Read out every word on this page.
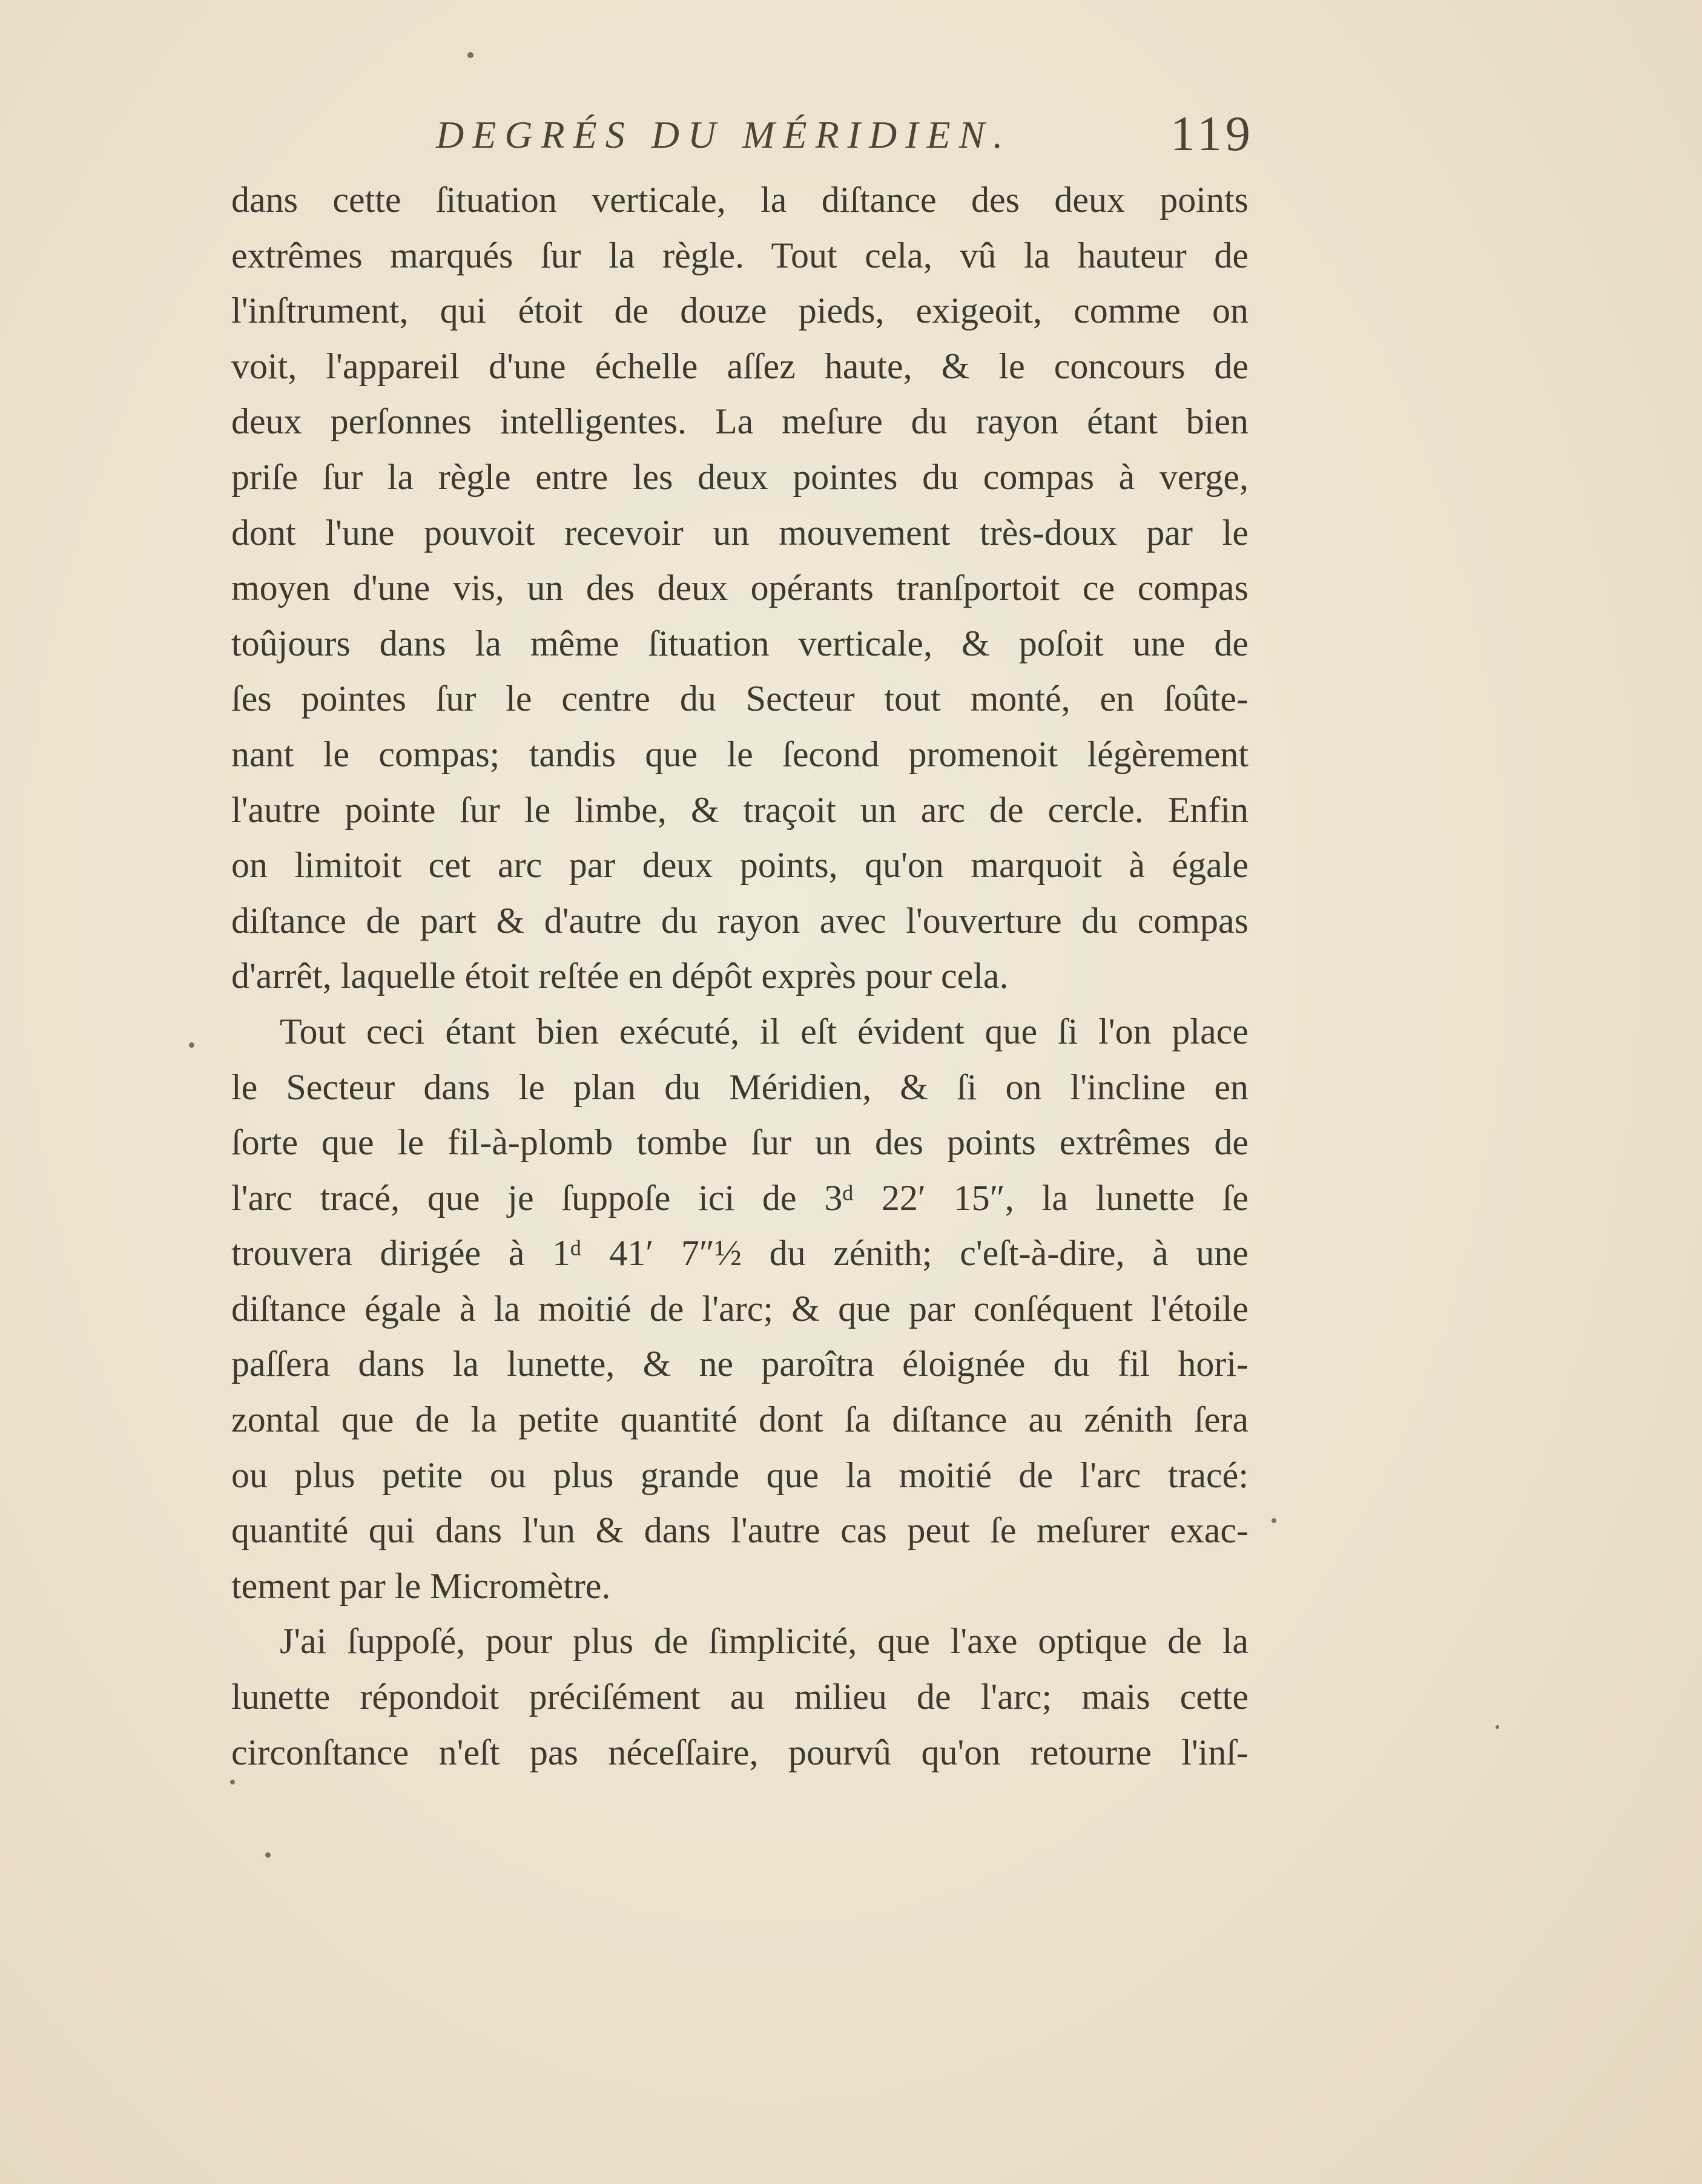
DEGRÉS DU MÉRIDIEN.	119
dans cette ſituation verticale, la diſtance des deux points
extrêmes marqués ſur la règle. Tout cela, vû la hauteur de
l'inſtrument, qui étoit de douze pieds, exigeoit, comme on
voit, l'appareil d'une échelle aſſez haute, & le concours de
deux perſonnes intelligentes. La meſure du rayon étant bien
priſe ſur la règle entre les deux pointes du compas à verge,
dont l'une pouvoit recevoir un mouvement très-doux par le
moyen d'une vis, un des deux opérants tranſportoit ce compas
toûjours dans la même ſituation verticale, & poſoit une de
ſes pointes ſur le centre du Secteur tout monté, en ſoûte-
nant le compas; tandis que le ſecond promenoit légèrement
l'autre pointe ſur le limbe, & traçoit un arc de cercle. Enfin
on limitoit cet arc par deux points, qu'on marquoit à égale
diſtance de part & d'autre du rayon avec l'ouverture du compas
d'arrêt, laquelle étoit reſtée en dépôt exprès pour cela.
Tout ceci étant bien exécuté, il eſt évident que ſi l'on place
le Secteur dans le plan du Méridien, & ſi on l'incline en
ſorte que le fil-à-plomb tombe ſur un des points extrêmes de
l'arc tracé, que je ſuppoſe ici de 3ᵈ 22′ 15″, la lunette ſe
trouvera dirigée à 1ᵈ 41′ 7″½ du zénith; c'eſt-à-dire, à une
diſtance égale à la moitié de l'arc; & que par conſéquent l'étoile
paſſera dans la lunette, & ne paroîtra éloignée du fil hori-
zontal que de la petite quantité dont ſa diſtance au zénith ſera
ou plus petite ou plus grande que la moitié de l'arc tracé:
quantité qui dans l'un & dans l'autre cas peut ſe meſurer exac-
tement par le Micromètre.
J'ai ſuppoſé, pour plus de ſimplicité, que l'axe optique de la
lunette répondoit préciſément au milieu de l'arc; mais cette
circonſtance n'eſt pas néceſſaire, pourvû qu'on retourne l'inſ-
